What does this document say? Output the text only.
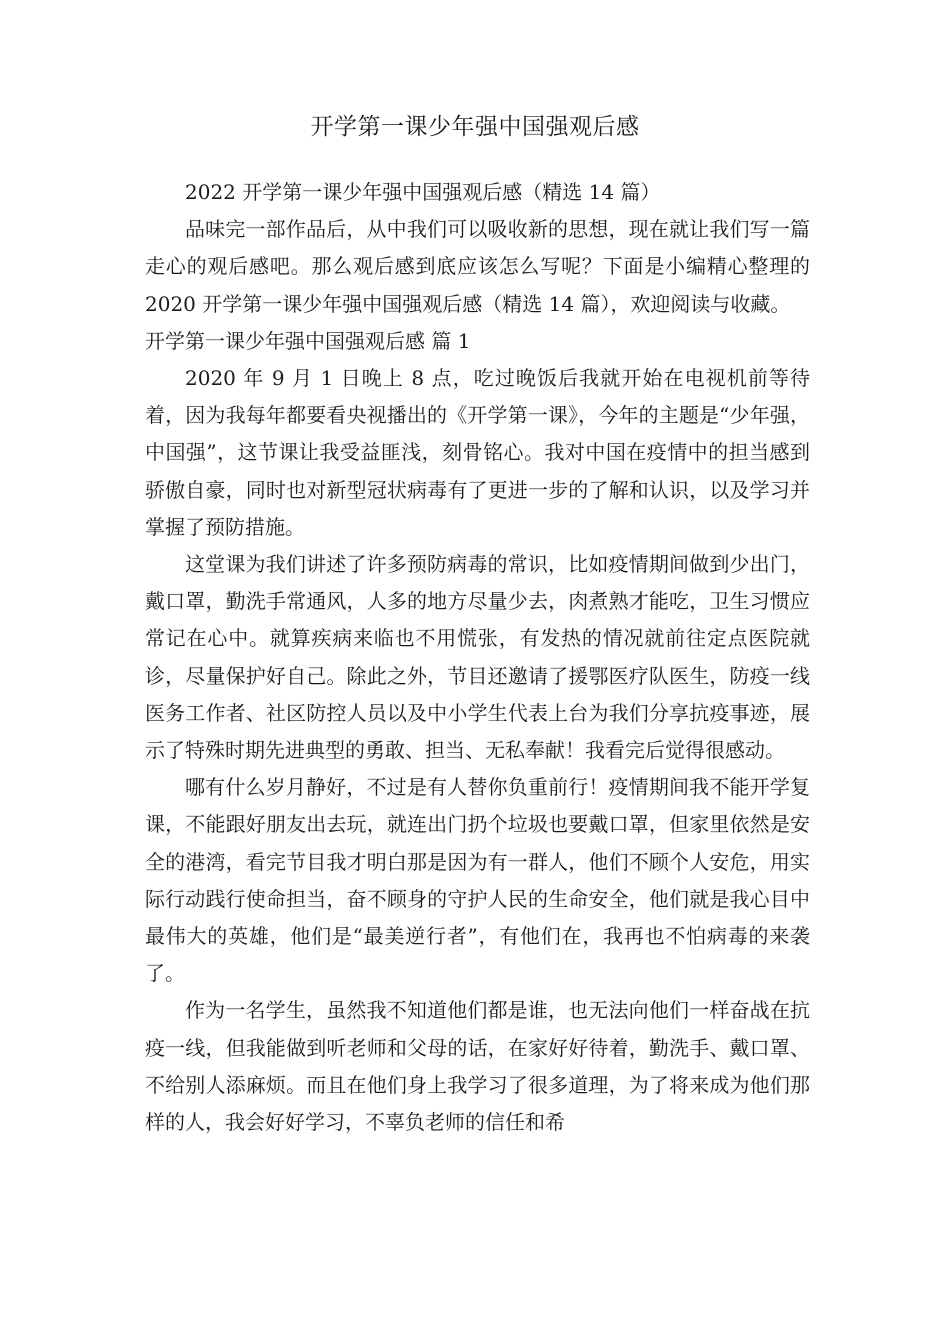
开学第一课少年强中国强观后感

2022 开学第一课少年强中国强观后感（精选 14 篇）

品味完一部作品后，从中我们可以吸收新的思想，现在就让我们写一篇走心的观后感吧。那么观后感到底应该怎么写呢？下面是小编精心整理的 2020 开学第一课少年强中国强观后感（精选 14 篇），欢迎阅读与收藏。

开学第一课少年强中国强观后感 篇 1

2020 年 9 月 1 日晚上 8 点，吃过晚饭后我就开始在电视机前等待着，因为我每年都要看央视播出的《开学第一课》，今年的主题是“少年强，中国强”，这节课让我受益匪浅，刻骨铭心。我对中国在疫情中的担当感到骄傲自豪，同时也对新型冠状病毒有了更进一步的了解和认识，以及学习并掌握了预防措施。

这堂课为我们讲述了许多预防病毒的常识，比如疫情期间做到少出门，戴口罩，勤洗手常通风，人多的地方尽量少去，肉煮熟才能吃，卫生习惯应常记在心中。就算疾病来临也不用慌张，有发热的情况就前往定点医院就诊，尽量保护好自己。除此之外，节目还邀请了援鄂医疗队医生，防疫一线医务工作者、社区防控人员以及中小学生代表上台为我们分享抗疫事迹，展示了特殊时期先进典型的勇敢、担当、无私奉献！我看完后觉得很感动。

哪有什么岁月静好，不过是有人替你负重前行！疫情期间我不能开学复课，不能跟好朋友出去玩，就连出门扔个垃圾也要戴口罩，但家里依然是安全的港湾，看完节目我才明白那是因为有一群人，他们不顾个人安危，用实际行动践行使命担当，奋不顾身的守护人民的生命安全，他们就是我心目中最伟大的英雄，他们是“最美逆行者”，有他们在，我再也不怕病毒的来袭了。

作为一名学生，虽然我不知道他们都是谁，也无法向他们一样奋战在抗疫一线，但我能做到听老师和父母的话，在家好好待着，勤洗手、戴口罩、不给别人添麻烦。而且在他们身上我学习了很多道理，为了将来成为他们那样的人，我会好好学习，不辜负老师的信任和希
